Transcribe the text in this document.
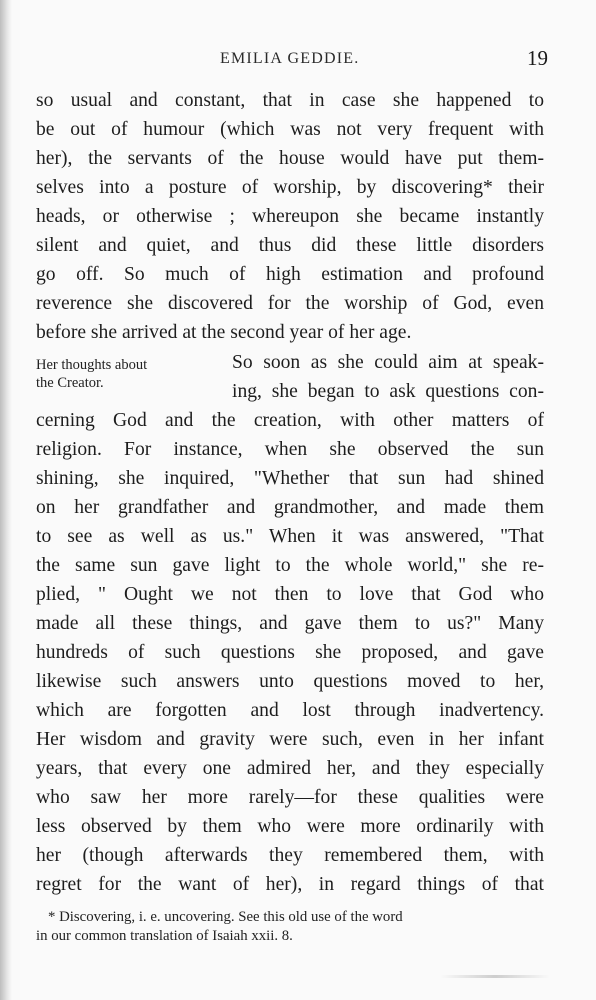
EMILIA GEDDIE.	19
so usual and constant, that in case she happened to
be out of humour (which was not very frequent with
her), the servants of the house would have put them-
selves into a posture of worship, by discovering* their
heads, or otherwise ; whereupon she became instantly
silent and quiet, and thus did these little disorders
go off. So much of high estimation and profound
reverence she discovered for the worship of God, even
before she arrived at the second year of her age.
Her thoughts about
the Creator.
So soon as she could aim at speak-
ing, she began to ask questions con-
cerning God and the creation, with other matters of
religion. For instance, when she observed the sun
shining, she inquired, "Whether that sun had shined
on her grandfather and grandmother, and made them
to see as well as us." When it was answered, "That
the same sun gave light to the whole world," she re-
plied, " Ought we not then to love that God who
made all these things, and gave them to us?" Many
hundreds of such questions she proposed, and gave
likewise such answers unto questions moved to her,
which are forgotten and lost through inadvertency.
Her wisdom and gravity were such, even in her infant
years, that every one admired her, and they especially
who saw her more rarely—for these qualities were
less observed by them who were more ordinarily with
her (though afterwards they remembered them, with
regret for the want of her), in regard things of that
* Discovering, i. e. uncovering. See this old use of the word
in our common translation of Isaiah xxii. 8.
